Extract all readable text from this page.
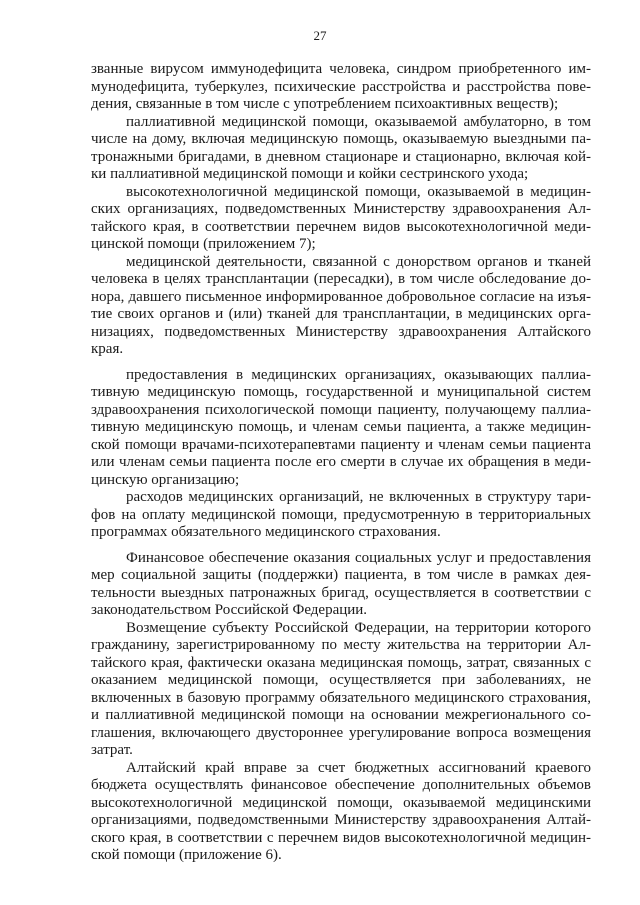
27
званные вирусом иммунодефицита человека, синдром приобретенного им-
мунодефицита, туберкулез, психические расстройства и расстройства пове-
дения, связанные в том числе с употреблением психоактивных веществ);
паллиативной медицинской помощи, оказываемой амбулаторно, в том
числе на дому, включая медицинскую помощь, оказываемую выездными па-
тронажными бригадами, в дневном стационаре и стационарно, включая кой-
ки паллиативной медицинской помощи и койки сестринского ухода;
высокотехнологичной медицинской помощи, оказываемой в медицин-
ских организациях, подведомственных Министерству здравоохранения Ал-
тайского края, в соответствии перечнем видов высокотехнологичной меди-
цинской помощи (приложением 7);
медицинской деятельности, связанной с донорством органов и тканей
человека в целях трансплантации (пересадки), в том числе обследование до-
нора, давшего письменное информированное добровольное согласие на изъя-
тие своих органов и (или) тканей для трансплантации, в медицинских орга-
низациях, подведомственных Министерству здравоохранения Алтайского
края.
предоставления в медицинских организациях, оказывающих паллиа-
тивную медицинскую помощь, государственной и муниципальной систем
здравоохранения психологической помощи пациенту, получающему паллиа-
тивную медицинскую помощь, и членам семьи пациента, а также медицин-
ской помощи врачами-психотерапевтами пациенту и членам семьи пациента
или членам семьи пациента после его смерти в случае их обращения в меди-
цинскую организацию;
расходов медицинских организаций, не включенных в структуру тари-
фов на оплату медицинской помощи, предусмотренную в территориальных
программах обязательного медицинского страхования.
Финансовое обеспечение оказания социальных услуг и предоставления
мер социальной защиты (поддержки) пациента, в том числе в рамках дея-
тельности выездных патронажных бригад, осуществляется в соответствии с
законодательством Российской Федерации.
Возмещение субъекту Российской Федерации, на территории которого
гражданину, зарегистрированному по месту жительства на территории Ал-
тайского края, фактически оказана медицинская помощь, затрат, связанных с
оказанием медицинской помощи, осуществляется при заболеваниях, не
включенных в базовую программу обязательного медицинского страхования,
и паллиативной медицинской помощи на основании межрегионального со-
глашения, включающего двустороннее урегулирование вопроса возмещения
затрат.
Алтайский край вправе за счет бюджетных ассигнований краевого
бюджета осуществлять финансовое обеспечение дополнительных объемов
высокотехнологичной медицинской помощи, оказываемой медицинскими
организациями, подведомственными Министерству здравоохранения Алтай-
ского края, в соответствии с перечнем видов высокотехнологичной медицин-
ской помощи (приложение 6).
